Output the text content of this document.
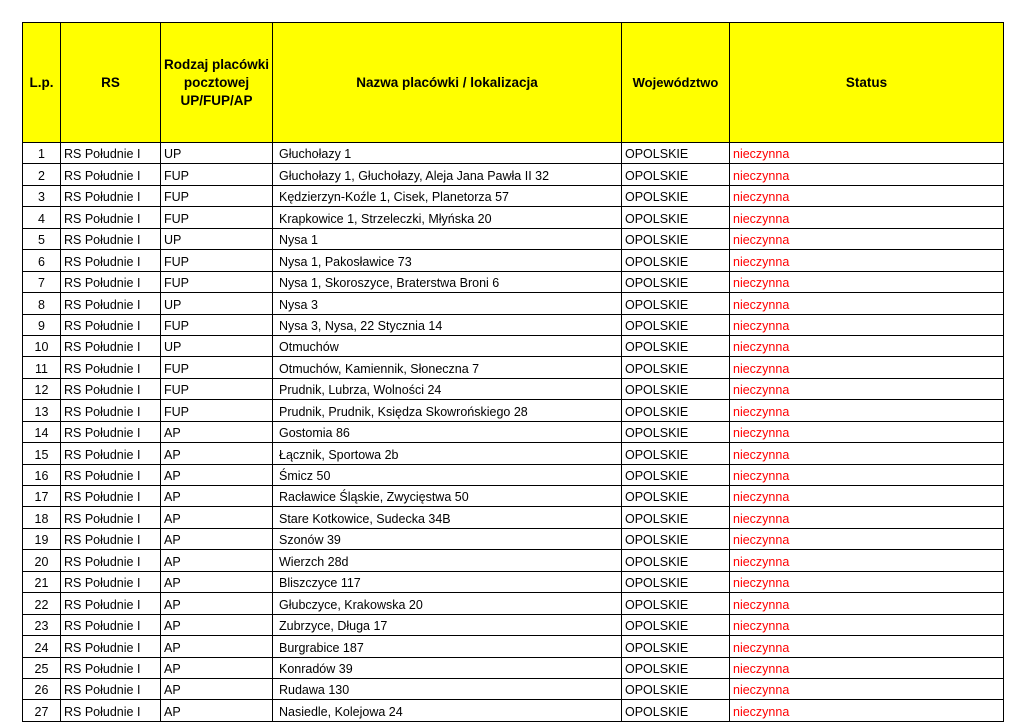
L.p.	RS	Rodzaj placówki pocztowej UP/FUP/AP	Nazwa placówki / lokalizacja	Województwo	Status
1	RS Południe I	UP	Głuchołazy 1	OPOLSKIE	nieczynna
2	RS Południe I	FUP	Głuchołazy 1, Głuchołazy, Aleja Jana Pawła II 32	OPOLSKIE	nieczynna
3	RS Południe I	FUP	Kędzierzyn-Koźle 1, Cisek, Planetorza 57	OPOLSKIE	nieczynna
4	RS Południe I	FUP	Krapkowice 1, Strzeleczki, Młyńska 20	OPOLSKIE	nieczynna
5	RS Południe I	UP	Nysa 1	OPOLSKIE	nieczynna
6	RS Południe I	FUP	Nysa 1, Pakosławice 73	OPOLSKIE	nieczynna
7	RS Południe I	FUP	Nysa 1, Skoroszyce, Braterstwa Broni 6	OPOLSKIE	nieczynna
8	RS Południe I	UP	Nysa 3	OPOLSKIE	nieczynna
9	RS Południe I	FUP	Nysa 3, Nysa, 22 Stycznia 14	OPOLSKIE	nieczynna
10	RS Południe I	UP	Otmuchów	OPOLSKIE	nieczynna
11	RS Południe I	FUP	Otmuchów, Kamiennik, Słoneczna 7	OPOLSKIE	nieczynna
12	RS Południe I	FUP	Prudnik, Lubrza, Wolności 24	OPOLSKIE	nieczynna
13	RS Południe I	FUP	Prudnik, Prudnik, Księdza Skowrońskiego 28	OPOLSKIE	nieczynna
14	RS Południe I	AP	Gostomia 86	OPOLSKIE	nieczynna
15	RS Południe I	AP	Łącznik, Sportowa 2b	OPOLSKIE	nieczynna
16	RS Południe I	AP	Śmicz 50	OPOLSKIE	nieczynna
17	RS Południe I	AP	Racławice Śląskie, Zwycięstwa 50	OPOLSKIE	nieczynna
18	RS Południe I	AP	Stare Kotkowice, Sudecka 34B	OPOLSKIE	nieczynna
19	RS Południe I	AP	Szonów 39	OPOLSKIE	nieczynna
20	RS Południe I	AP	Wierzch 28d	OPOLSKIE	nieczynna
21	RS Południe I	AP	Bliszczyce 117	OPOLSKIE	nieczynna
22	RS Południe I	AP	Głubczyce, Krakowska 20	OPOLSKIE	nieczynna
23	RS Południe I	AP	Zubrzyce, Długa 17	OPOLSKIE	nieczynna
24	RS Południe I	AP	Burgrabice 187	OPOLSKIE	nieczynna
25	RS Południe I	AP	Konradów 39	OPOLSKIE	nieczynna
26	RS Południe I	AP	Rudawa 130	OPOLSKIE	nieczynna
27	RS Południe I	AP	Nasiedle, Kolejowa 24	OPOLSKIE	nieczynna
